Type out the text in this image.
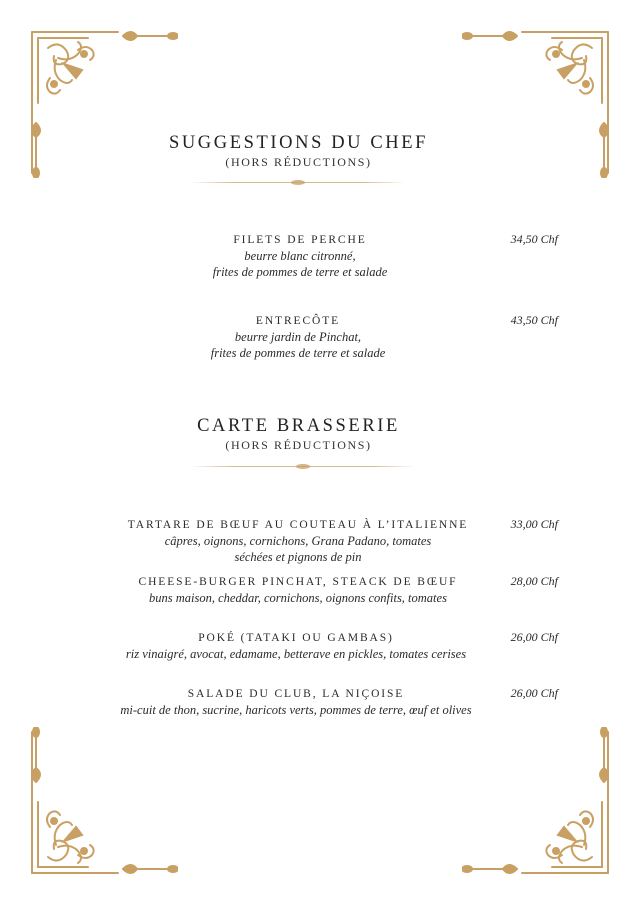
SUGGESTIONS DU CHEF
(HORS RÉDUCTIONS)
FILETS DE PERCHE
beurre blanc citronné,
frites de pommes de terre et salade
34,50 Chf
ENTRECÔTE
beurre jardin de Pinchat,
frites de pommes de terre et salade
43,50 Chf
CARTE BRASSERIE
(HORS RÉDUCTIONS)
TARTARE DE BŒUF AU COUTEAU À L’ITALIENNE
câpres, oignons, cornichons, Grana Padano, tomates
séchées et pignons de pin
33,00 Chf
CHEESE-BURGER PINCHAT, STEACK DE BŒUF
buns maison, cheddar, cornichons, oignons confits, tomates
28,00 Chf
POKÉ (TATAKI OU GAMBAS)
riz vinaigré, avocat, edamame, betterave en pickles, tomates cerises
26,00 Chf
SALADE DU CLUB, LA NIÇOISE
mi-cuit de thon, sucrine, haricots verts, pommes de terre, œuf et olives
26,00 Chf
